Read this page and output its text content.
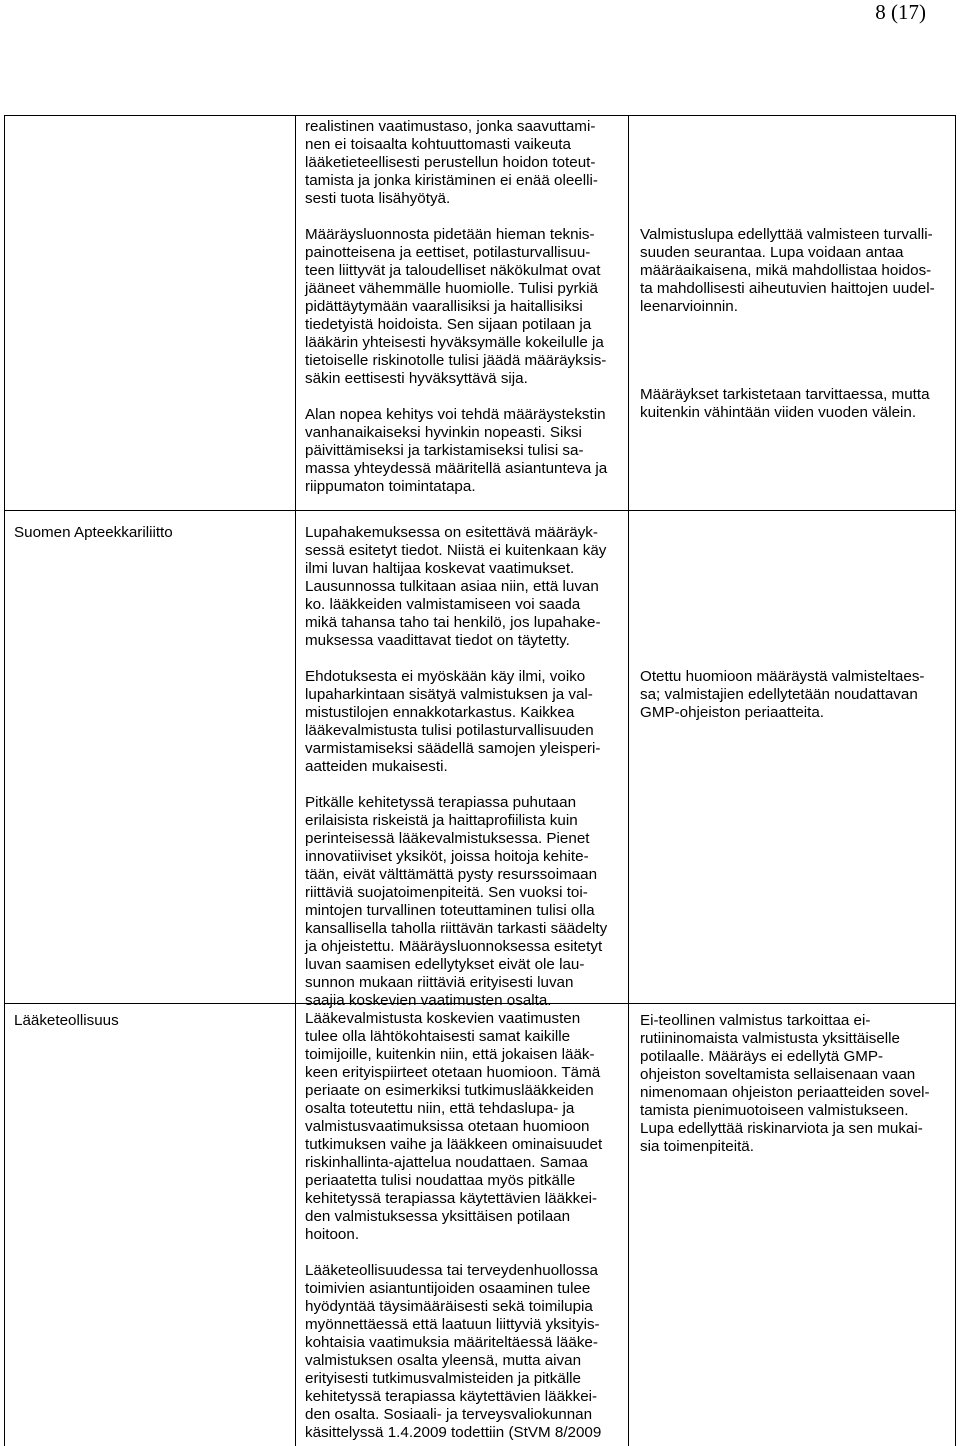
8 (17)

realistinen vaatimustaso, jonka saavuttami-
nen ei toisaalta kohtuuttomasti vaikeuta
lääketieteellisesti perustellun hoidon toteut-
tamista ja jonka kiristäminen ei enää oleelli-
sesti tuota lisähyötyä.

Määräysluonnosta pidetään hieman teknis-
painotteisena ja eettiset, potilasturvallisuu-
teen liittyvät ja taloudelliset näkökulmat ovat
jääneet vähemmälle huomiolle. Tulisi pyrkiä
pidättäytymään vaarallisiksi ja haitallisiksi
tiedetyistä hoidoista. Sen sijaan potilaan ja
lääkärin yhteisesti hyväksymälle kokeilulle ja
tietoiselle riskinotolle tulisi jäädä määräyksis-
säkin eettisesti hyväksyttävä sija.

Alan nopea kehitys voi tehdä määräystekstin
vanhanaikaiseksi hyvinkin nopeasti. Siksi
päivittämiseksi ja tarkistamiseksi tulisi sa-
massa yhteydessä määritellä asiantunteva ja
riippumaton toimintatapa.

Valmistuslupa edellyttää valmisteen turvalli-
suuden seurantaa. Lupa voidaan antaa
määräaikaisena, mikä mahdollistaa hoidos-
ta mahdollisesti aiheutuvien haittojen uudel-
leenarvioinnin.

Määräykset tarkistetaan tarvittaessa, mutta
kuitenkin vähintään viiden vuoden välein.

Suomen Apteekkariliitto	Lupahakemuksessa on esitettävä määräyk-
sessä esitetyt tiedot. Niistä ei kuitenkaan käy
ilmi luvan haltijaa koskevat vaatimukset.
Lausunnossa tulkitaan asiaa niin, että luvan
ko. lääkkeiden valmistamiseen voi saada
mikä tahansa taho tai henkilö, jos lupahake-
muksessa vaadittavat tiedot on täytetty.

Ehdotuksesta ei myöskään käy ilmi, voiko
lupaharkintaan sisätyä valmistuksen ja val-
mistustilojen ennakkotarkastus. Kaikkea
lääkevalmistusta tulisi potilasturvallisuuden
varmistamiseksi säädellä samojen yleisperi-
aatteiden mukaisesti.

Otettu huomioon määräystä valmisteltaes-
sa; valmistajien edellytetään noudattavan
GMP-ohjeiston periaatteita.

Lääketeollisuus

Pitkälle kehitetyssä terapiassa puhutaan
erilaisista riskeistä ja haittaprofiilista kuin
perinteisessä lääkevalmistuksessa. Pienet
innovatiiviset yksiköt, joissa hoitoja kehite-
tään, eivät välttämättä pysty resurssoimaan
riittäviä suojatoimenpiteitä. Sen vuoksi toi-
mintojen turvallinen toteuttaminen tulisi olla
kansallisella taholla riittävän tarkasti säädelty
ja ohjeistettu. Määräysluonnoksessa esitetyt
luvan saamisen edellytykset eivät ole lau-
sunnon mukaan riittäviä erityisesti luvan
saajia koskevien vaatimusten osalta.
Lääkevalmistusta koskevien vaatimusten
tulee olla lähtökohtaisesti samat kaikille
toimijoille, kuitenkin niin, että jokaisen lääk-
keen erityispiirteet otetaan huomioon. Tämä
periaate on esimerkiksi tutkimuslääkkeiden
osalta toteutettu niin, että tehdaslupa- ja
valmistusvaatimuksissa otetaan huomioon
tutkimuksen vaihe ja lääkkeen ominaisuudet
riskinhallinta-ajattelua noudattaen. Samaa
periaatetta tulisi noudattaa myös pitkälle
kehitetyssä terapiassa käytettävien lääkkei-
den valmistuksessa yksittäisen potilaan
hoitoon.

Lääketeollisuudessa tai terveydenhuollossa
toimivien asiantuntijoiden osaaminen tulee
hyödyntää täysimääräisesti sekä toimilupia
myönnettäessä että laatuun liittyviä yksityis-
kohtaisia vaatimuksia määriteltäessä lääke-
valmistuksen osalta yleensä, mutta aivan
erityisesti tutkimusvalmisteiden ja pitkälle
kehitetyssä terapiassa käytettävien lääkkei-
den osalta. Sosiaali- ja terveysvaliokunnan
käsittelyssä 1.4.2009 todettiin (StVM 8/2009

Ei-teollinen valmistus tarkoittaa ei-
rutiininomaista valmistusta yksittäiselle
potilaalle. Määräys ei edellytä GMP-
ohjeiston soveltamista sellaisenaan vaan
nimenomaan ohjeiston periaatteiden sovel-
tamista pienimuotoiseen valmistukseen.
Lupa edellyttää riskinarviota ja sen mukai-
sia toimenpiteitä.
